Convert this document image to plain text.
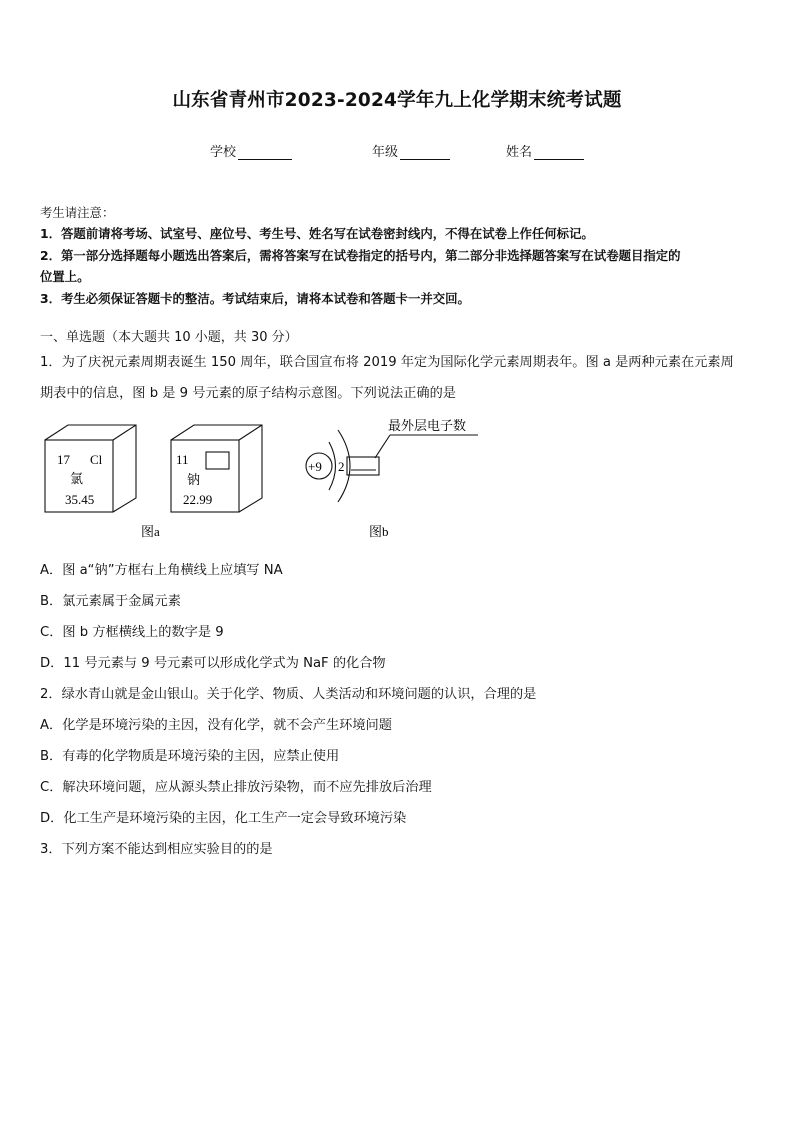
山东省青州市2023-2024学年九上化学期末统考试题
学校	年级	姓名
考生请注意：
1．答题前请将考场、试室号、座位号、考生号、姓名写在试卷密封线内，不得在试卷上作任何标记。
2．第一部分选择题每小题选出答案后，需将答案写在试卷指定的括号内，第二部分非选择题答案写在试卷题目指定的
位置上。
3．考生必须保证答题卡的整洁。考试结束后，请将本试卷和答题卡一并交回。
一、单选题（本大题共 10 小题，共 30 分）
1．为了庆祝元素周期表诞生 150 周年，联合国宣布将 2019 年定为国际化学元素周期表年。图 a 是两种元素在元素周
期表中的信息，图 b 是 9 号元素的原子结构示意图。下列说法正确的是
17 Cl
氯
35.45
11
钠
22.99
+9 2
最外层电子数
图a	图b
A．图 a“钠”方框右上角横线上应填写 NA
B．氯元素属于金属元素
C．图 b 方框横线上的数字是 9
D．11 号元素与 9 号元素可以形成化学式为 NaF 的化合物
2．绿水青山就是金山银山。关于化学、物质、人类活动和环境问题的认识，合理的是
A．化学是环境污染的主因，没有化学，就不会产生环境问题
B．有毒的化学物质是环境污染的主因，应禁止使用
C．解决环境问题，应从源头禁止排放污染物，而不应先排放后治理
D．化工生产是环境污染的主因，化工生产一定会导致环境污染
3．下列方案不能达到相应实验目的的是
